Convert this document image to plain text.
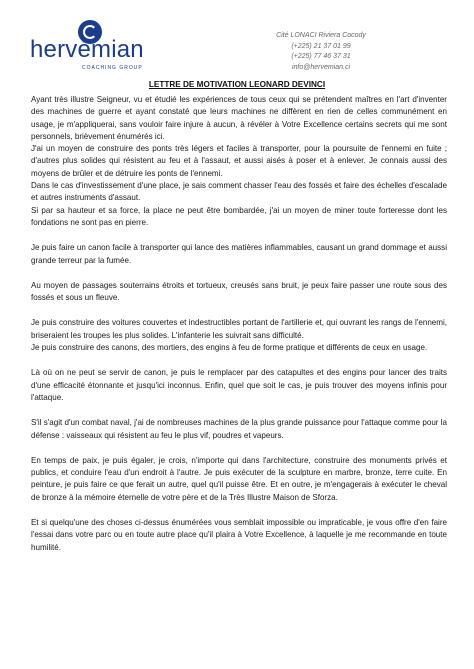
hervémian
COACHING GROUP
Cité LONACI Riviera Cocody
(+225) 21 37 01 99
(+225) 77 46 37 31
info@hervemian.ci
LETTRE DE MOTIVATION LEONARD DEVINCI

Ayant très illustre Seigneur, vu et étudié les expériences de tous ceux qui se prétendent maîtres en l'art d'inventer des machines de guerre et ayant constaté que leurs machines ne diffèrent en rien de celles communément en usage, je m'appliquerai, sans vouloir faire injure à aucun, à révéler à Votre Excellence certains secrets qui me sont personnels, brièvement énumérés ici.

J'ai un moyen de construire des ponts très légers et faciles à transporter, pour la poursuite de l'ennemi en fuite ; d'autres plus solides qui résistent au feu et à l'assaut, et aussi aisés à poser et à enlever. Je connais aussi des moyens de brûler et de détruire les ponts de l'ennemi.

Dans le cas d'investissement d'une place, je sais comment chasser l'eau des fossés et faire des échelles d'escalade et autres instruments d'assaut.

Si par sa hauteur et sa force, la place ne peut être bombardée, j'ai un moyen de miner toute forteresse dont les fondations ne sont pas en pierre.

Je puis faire un canon facile à transporter qui lance des matières inflammables, causant un grand dommage et aussi grande terreur par la fumée.

Au moyen de passages souterrains étroits et tortueux, creusés sans bruit, je peux faire passer une route sous des fossés et sous un fleuve.

Je puis construire des voitures couvertes et indestructibles portant de l'artillerie et, qui ouvrant les rangs de l'ennemi, briseraient les troupes les plus solides. L'infanterie les suivrait sans difficulté.

Je puis construire des canons, des mortiers, des engins à feu de forme pratique et différents de ceux en usage.

Là où on ne peut se servir de canon, je puis le remplacer par des catapultes et des engins pour lancer des traits d'une efficacité étonnante et jusqu'ici inconnus. Enfin, quel que soit le cas, je puis trouver des moyens infinis pour l'attaque.

S'il s'agit d'un combat naval, j'ai de nombreuses machines de la plus grande puissance pour l'attaque comme pour la défense : vaisseaux qui résistent au feu le plus vif, poudres et vapeurs.

En temps de paix, je puis égaler, je crois, n'importe qui dans l'architecture, construire des monuments privés et publics, et conduire l'eau d'un endroit à l'autre. Je puis exécuter de la sculpture en marbre, bronze, terre cuite. En peinture, je puis faire ce que ferait un autre, quel qu'il puisse être. Et en outre, je m'engagerais à exécuter le cheval de bronze à la mémoire éternelle de votre père et de la Très Illustre Maison de Sforza.

Et si quelqu'une des choses ci-dessus énumérées vous semblait impossible ou impraticable, je vous offre d'en faire l'essai dans votre parc ou en toute autre place qu'il plaira à Votre Excellence, à laquelle je me recommande en toute humilité.
